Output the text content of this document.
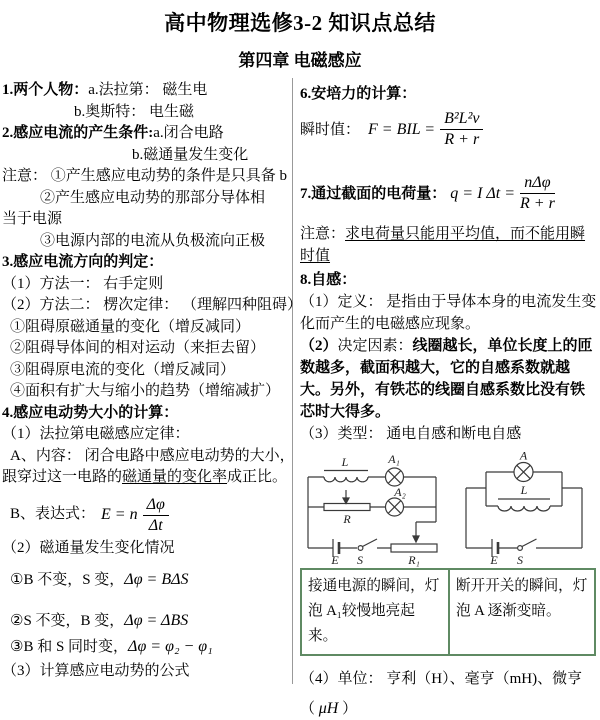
高中物理选修3-2 知识点总结
第四章 电磁感应
1.两个人物：a.法拉第： 磁生电
b.奥斯特： 电生磁
2.感应电流的产生条件:a.闭合电路
b.磁通量发生变化
注意： ①产生感应电动势的条件是只具备 b
②产生感应电动势的那部分导体相
当于电源
③电源内部的电流从负极流向正极
3.感应电流方向的判定：
（1）方法一： 右手定则
（2）方法二： 楞次定律： （理解四种阻碍）
①阻碍原磁通量的变化（增反减同）
②阻碍导体间的相对运动（来拒去留）
③阻碍原电流的变化（增反减同）
④面积有扩大与缩小的趋势（增缩减扩）
4.感应电动势大小的计算：
（1）法拉第电磁感应定律：
A、内容： 闭合电路中感应电动势的大小，
跟穿过这一电路的磁通量的变化率成正比。
B、表达式： E = n $\frac{\Delta\varphi}{\Delta t}$
（2）磁通量发生变化情况
①B 不变，S 变，Δφ = BΔS
②S 不变，B 变，Δφ = ΔBS
③B 和 S 同时变，Δφ = φ₂ − φ₁
（3）计算感应电动势的公式
6.安培力的计算：
瞬时值： F = BIL = $\frac{\text{B²L²v}}{R + r}$
7.通过截面的电荷量： q = I $\Delta t = \frac{\text{nΔφ}}{R + r}$
注意：求电荷量只能用平均值，而不能用瞬时值
8.自感：
（1）定义： 是指由于导体本身的电流发生变化而产生的电磁感应现象。
（2）决定因素：线圈越长，单位长度上的匝数越多，截面积越大，它的自感系数就越大。另外，有铁芯的线圈自感系数比没有铁芯时大得多。
（3）类型： 通电自感和断电自感
L	A₁
A₂
R
E S	R₁
A
L
E S
接通电源的瞬间，灯泡 A₁较慢地亮起来。
断开开关的瞬间，灯泡 A 逐渐变暗。
（4）单位： 亨利（H）、毫亨（mH)、微亨
（ μH ）
